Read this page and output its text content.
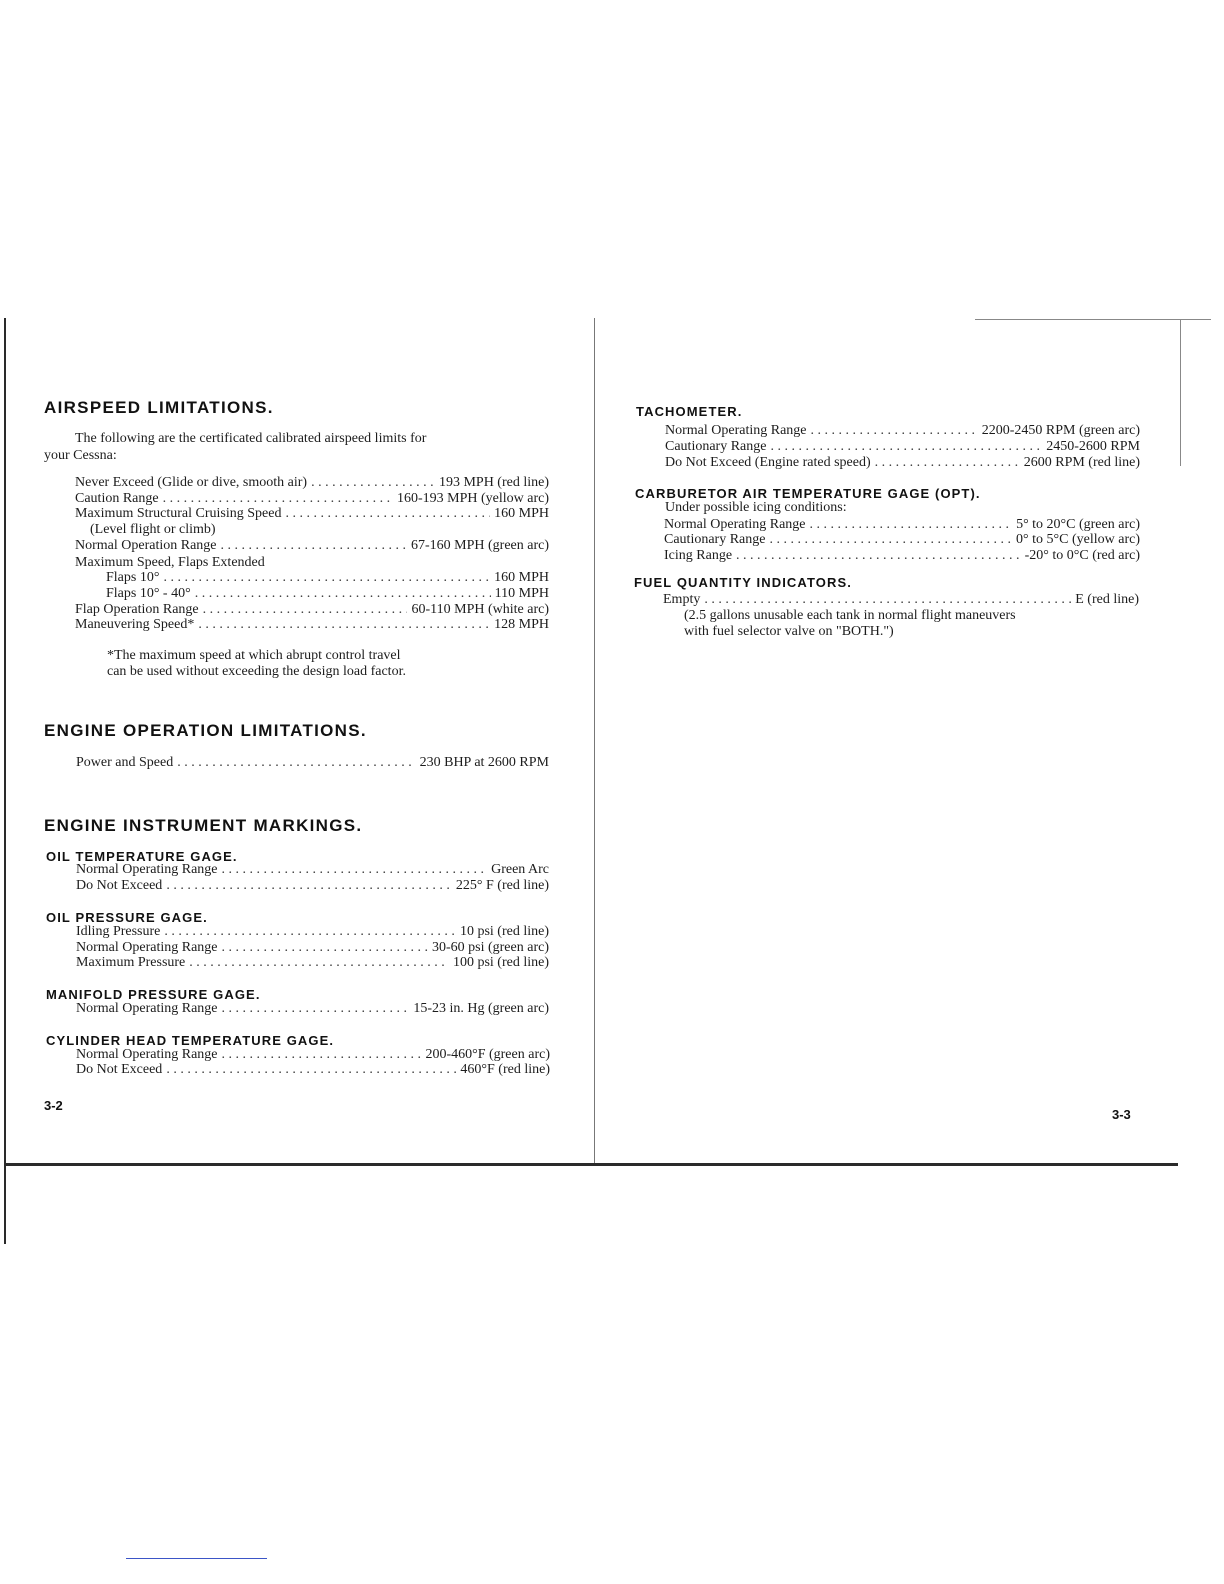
AIRSPEED LIMITATIONS.
The following are the certificated calibrated airspeed limits for
your Cessna:
Never Exceed (Glide or dive, smooth air) . . .	193 MPH (red line)
Caution Range . . .	160-193 MPH (yellow arc)
Maximum Structural Cruising Speed . . .	160 MPH
(Level flight or climb)
Normal Operation Range . . .	67-160 MPH (green arc)
Maximum Speed, Flaps Extended
Flaps 10° . . .	160 MPH
Flaps 10° - 40° . . .	110 MPH
Flap Operation Range . . .	60-110 MPH (white arc)
Maneuvering Speed* . . .	128 MPH
*The maximum speed at which abrupt control travel
can be used without exceeding the design load factor.
ENGINE OPERATION LIMITATIONS.
Power and Speed . . .	230 BHP at 2600 RPM
ENGINE INSTRUMENT MARKINGS.
OIL TEMPERATURE GAGE.
Normal Operating Range . . .	Green Arc
Do Not Exceed . . .	225° F (red line)
OIL PRESSURE GAGE.
Idling Pressure . . .	10 psi (red line)
Normal Operating Range . . .	30-60 psi (green arc)
Maximum Pressure . . .	100 psi (red line)
MANIFOLD PRESSURE GAGE.
Normal Operating Range . . .	15-23 in. Hg (green arc)
CYLINDER HEAD TEMPERATURE GAGE.
Normal Operating Range . . .	200-460°F (green arc)
Do Not Exceed . . .	460°F (red line)
3-2
TACHOMETER.
Normal Operating Range . . .	2200-2450 RPM (green arc)
Cautionary Range . . .	2450-2600 RPM
Do Not Exceed (Engine rated speed) . . .	2600 RPM (red line)
CARBURETOR AIR TEMPERATURE GAGE (OPT).
Under possible icing conditions:
Normal Operating Range . . .	5° to 20°C (green arc)
Cautionary Range . . .	0° to 5°C (yellow arc)
Icing Range . . .	-20° to 0°C (red arc)
FUEL QUANTITY INDICATORS.
Empty . . .	E (red line)
(2.5 gallons unusable each tank in normal flight maneuvers
with fuel selector valve on "BOTH.")
3-3
